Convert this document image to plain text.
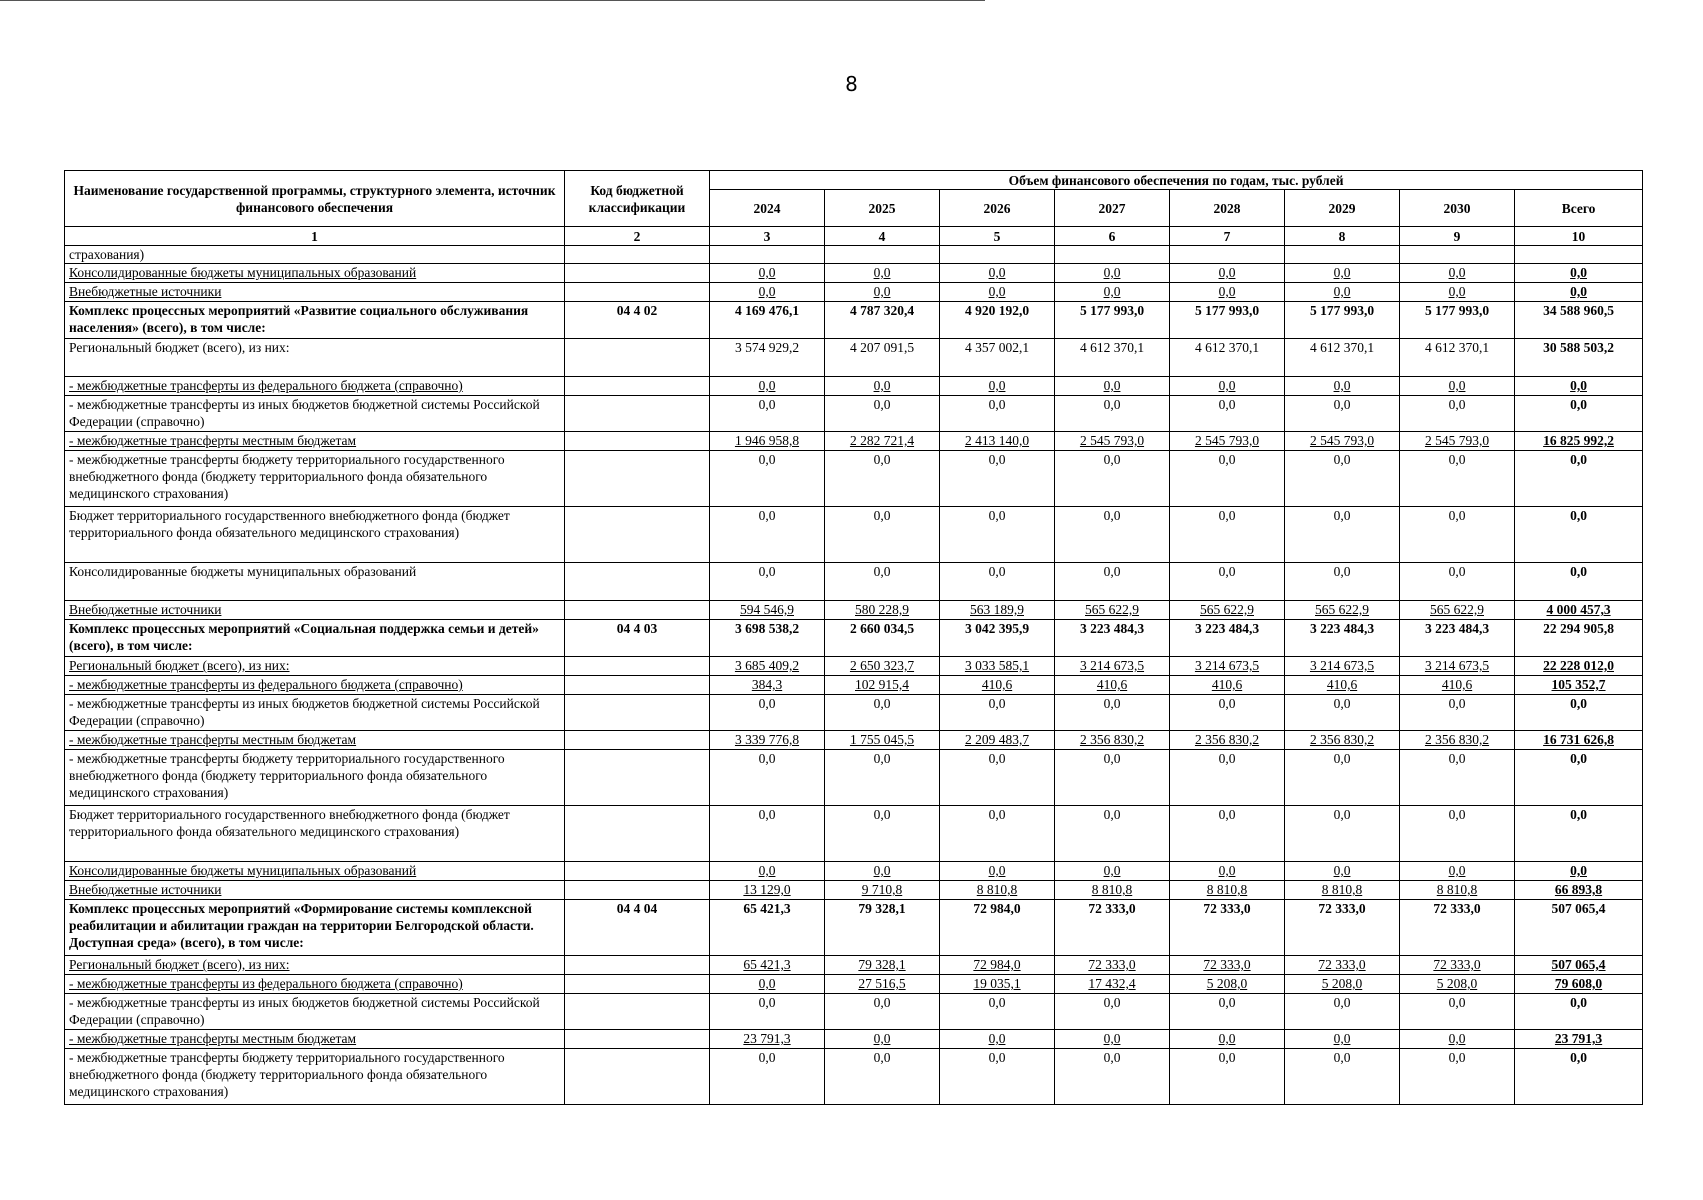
8
Наименование государственной программы, структурного элемента, источник финансового обеспечения	Код бюджетной классификации	Объем финансового обеспечения по годам, тыс. рублей							
		2024	2025	2026	2027	2028	2029	2030	Всего
1	2	3	4	5	6	7	8	9	10
страхования)									
Консолидированные бюджеты муниципальных образований		0,0	0,0	0,0	0,0	0,0	0,0	0,0	0,0
Внебюджетные источники		0,0	0,0	0,0	0,0	0,0	0,0	0,0	0,0
Комплекс процессных мероприятий «Развитие социального обслуживания населения» (всего), в том числе:	04 4 02	4 169 476,1	4 787 320,4	4 920 192,0	5 177 993,0	5 177 993,0	5 177 993,0	5 177 993,0	34 588 960,5
Региональный бюджет (всего), из них:		3 574 929,2	4 207 091,5	4 357 002,1	4 612 370,1	4 612 370,1	4 612 370,1	4 612 370,1	30 588 503,2
- межбюджетные трансферты из федерального бюджета (справочно)		0,0	0,0	0,0	0,0	0,0	0,0	0,0	0,0
- межбюджетные трансферты из иных бюджетов бюджетной системы Российской Федерации (справочно)		0,0	0,0	0,0	0,0	0,0	0,0	0,0	0,0
- межбюджетные трансферты местным бюджетам		1 946 958,8	2 282 721,4	2 413 140,0	2 545 793,0	2 545 793,0	2 545 793,0	2 545 793,0	16 825 992,2
- межбюджетные трансферты бюджету территориального государственного внебюджетного фонда (бюджету территориального фонда обязательного медицинского страхования)		0,0	0,0	0,0	0,0	0,0	0,0	0,0	0,0
Бюджет территориального государственного внебюджетного фонда (бюджет территориального фонда обязательного медицинского страхования)		0,0	0,0	0,0	0,0	0,0	0,0	0,0	0,0
Консолидированные бюджеты муниципальных образований		0,0	0,0	0,0	0,0	0,0	0,0	0,0	0,0
Внебюджетные источники		594 546,9	580 228,9	563 189,9	565 622,9	565 622,9	565 622,9	565 622,9	4 000 457,3
Комплекс процессных мероприятий «Социальная поддержка семьи и детей» (всего), в том числе:	04 4 03	3 698 538,2	2 660 034,5	3 042 395,9	3 223 484,3	3 223 484,3	3 223 484,3	3 223 484,3	22 294 905,8
Региональный бюджет (всего), из них:		3 685 409,2	2 650 323,7	3 033 585,1	3 214 673,5	3 214 673,5	3 214 673,5	3 214 673,5	22 228 012,0
- межбюджетные трансферты из федерального бюджета (справочно)		384,3	102 915,4	410,6	410,6	410,6	410,6	410,6	105 352,7
- межбюджетные трансферты из иных бюджетов бюджетной системы Российской Федерации (справочно)		0,0	0,0	0,0	0,0	0,0	0,0	0,0	0,0
- межбюджетные трансферты местным бюджетам		3 339 776,8	1 755 045,5	2 209 483,7	2 356 830,2	2 356 830,2	2 356 830,2	2 356 830,2	16 731 626,8
- межбюджетные трансферты бюджету территориального государственного внебюджетного фонда (бюджету территориального фонда обязательного медицинского страхования)		0,0	0,0	0,0	0,0	0,0	0,0	0,0	0,0
Бюджет территориального государственного внебюджетного фонда (бюджет территориального фонда обязательного медицинского страхования)		0,0	0,0	0,0	0,0	0,0	0,0	0,0	0,0
Консолидированные бюджеты муниципальных образований		0,0	0,0	0,0	0,0	0,0	0,0	0,0	0,0
Внебюджетные источники		13 129,0	9 710,8	8 810,8	8 810,8	8 810,8	8 810,8	8 810,8	66 893,8
Комплекс процессных мероприятий «Формирование системы комплексной реабилитации и абилитации граждан на территории Белгородской области. Доступная среда» (всего), в том числе:	04 4 04	65 421,3	79 328,1	72 984,0	72 333,0	72 333,0	72 333,0	72 333,0	507 065,4
Региональный бюджет (всего), из них:		65 421,3	79 328,1	72 984,0	72 333,0	72 333,0	72 333,0	72 333,0	507 065,4
- межбюджетные трансферты из федерального бюджета (справочно)		0,0	27 516,5	19 035,1	17 432,4	5 208,0	5 208,0	5 208,0	79 608,0
- межбюджетные трансферты из иных бюджетов бюджетной системы Российской Федерации (справочно)		0,0	0,0	0,0	0,0	0,0	0,0	0,0	0,0
- межбюджетные трансферты местным бюджетам		23 791,3	0,0	0,0	0,0	0,0	0,0	0,0	23 791,3
- межбюджетные трансферты бюджету территориального государственного внебюджетного фонда (бюджету территориального фонда обязательного медицинского страхования)		0,0	0,0	0,0	0,0	0,0	0,0	0,0	0,0
